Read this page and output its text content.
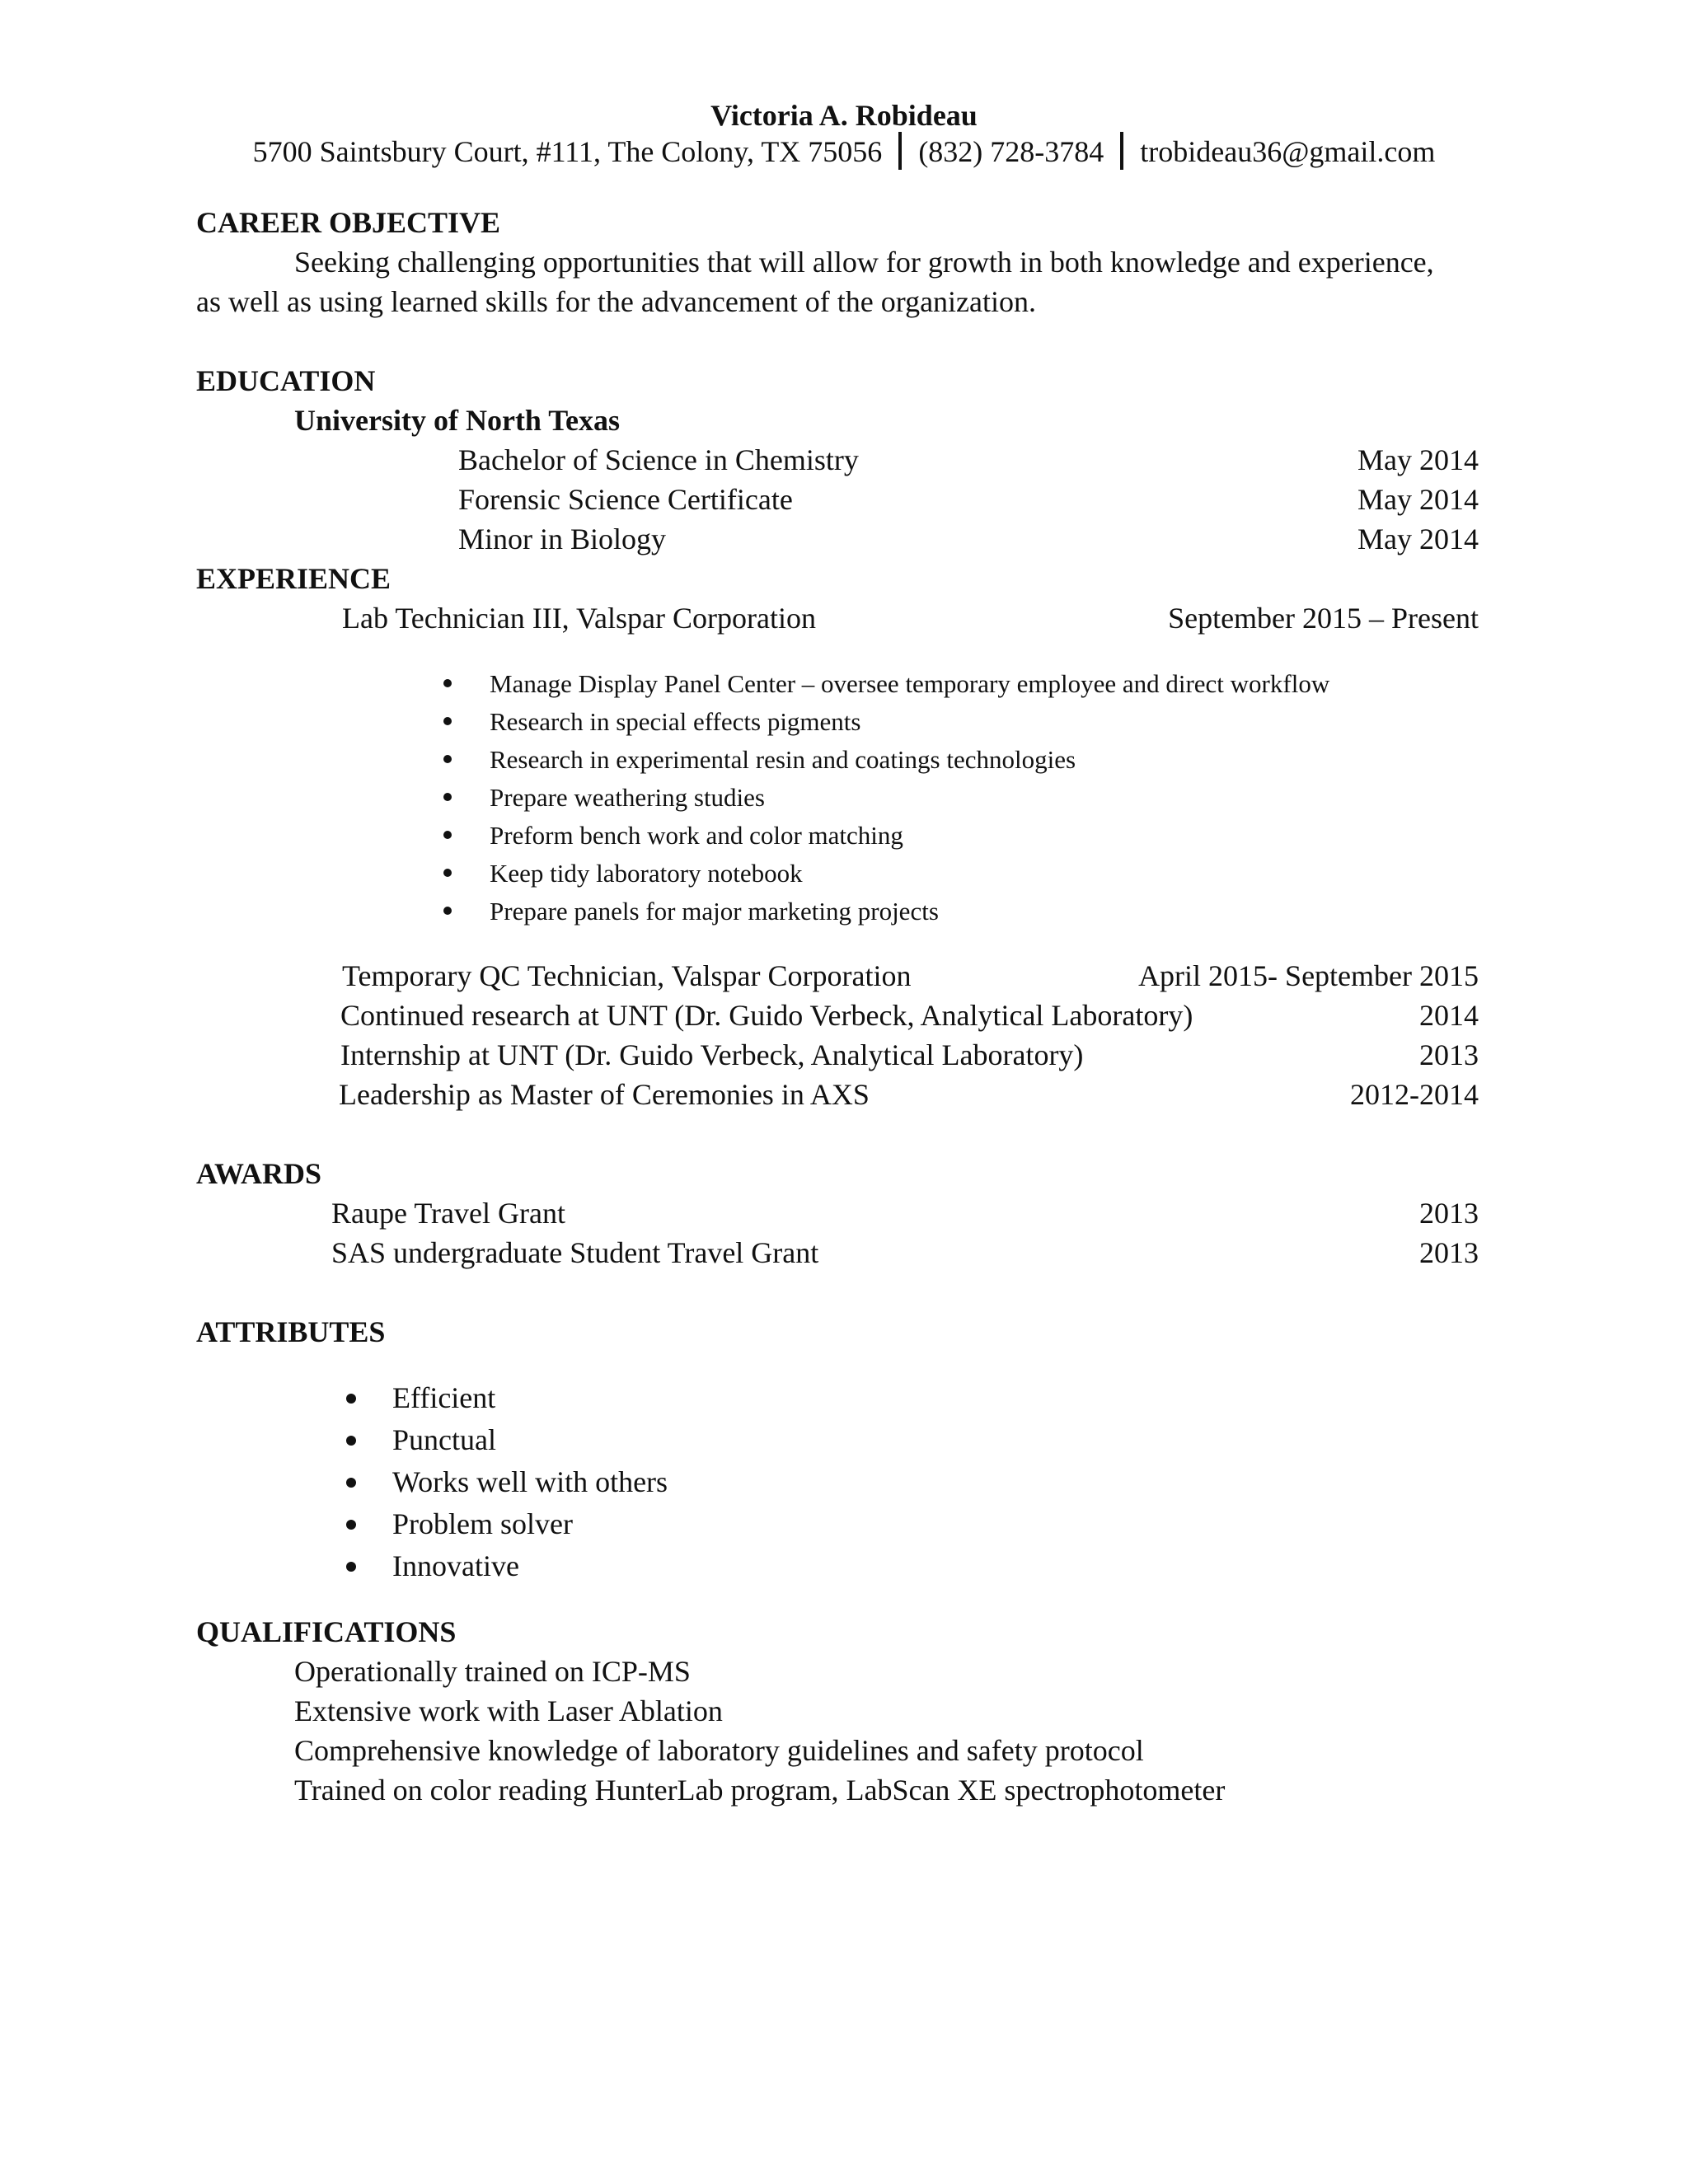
Victoria A. Robideau
5700 Saintsbury Court, #111, The Colony, TX 75056 (832) 728-3784 trobideau36@gmail.com
CAREER OBJECTIVE
Seeking challenging opportunities that will allow for growth in both knowledge and experience,
as well as using learned skills for the advancement of the organization.
EDUCATION
University of North Texas
Bachelor of Science in Chemistry	May 2014
Forensic Science Certificate	May 2014
Minor in Biology	May 2014
EXPERIENCE
Lab Technician III, Valspar Corporation	September 2015 – Present
Manage Display Panel Center – oversee temporary employee and direct workflow
Research in special effects pigments
Research in experimental resin and coatings technologies
Prepare weathering studies
Preform bench work and color matching
Keep tidy laboratory notebook
Prepare panels for major marketing projects
Temporary QC Technician, Valspar Corporation	April 2015- September 2015
Continued research at UNT (Dr. Guido Verbeck, Analytical Laboratory)	2014
Internship at UNT (Dr. Guido Verbeck, Analytical Laboratory)	2013
Leadership as Master of Ceremonies in AXS	2012-2014
AWARDS
Raupe Travel Grant	2013
SAS undergraduate Student Travel Grant	2013
ATTRIBUTES
Efficient
Punctual
Works well with others
Problem solver
Innovative
QUALIFICATIONS
Operationally trained on ICP-MS
Extensive work with Laser Ablation
Comprehensive knowledge of laboratory guidelines and safety protocol
Trained on color reading HunterLab program, LabScan XE spectrophotometer
